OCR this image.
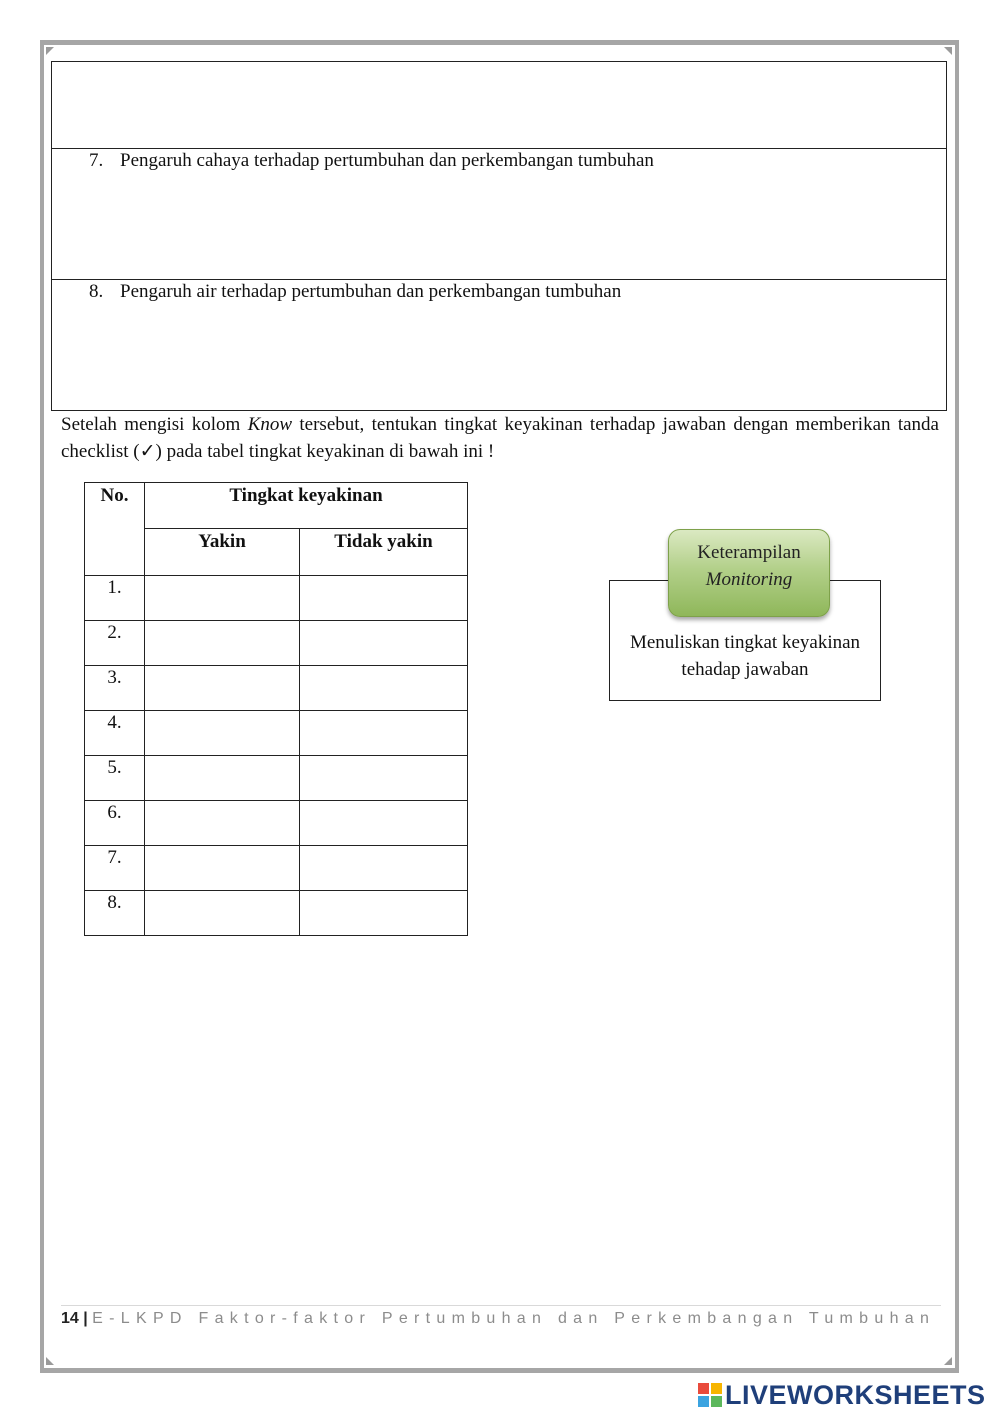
7. Pengaruh cahaya terhadap pertumbuhan dan perkembangan tumbuhan
8. Pengaruh air terhadap pertumbuhan dan perkembangan tumbuhan
Setelah mengisi kolom Know tersebut, tentukan tingkat keyakinan terhadap jawaban dengan memberikan tanda checklist (✓) pada tabel tingkat keyakinan di bawah ini !
No.	Tingkat keyakinan	
	Yakin	Tidak yakin
1.		
2.		
3.		
4.		
5.		
6.		
7.		
8.		
Menuliskan tingkat keyakinan tehadap jawaban
Keterampilan
Monitoring
14 | E-LKPD Faktor-faktor Pertumbuhan dan Perkembangan Tumbuhan
LIVEWORKSHEETS
